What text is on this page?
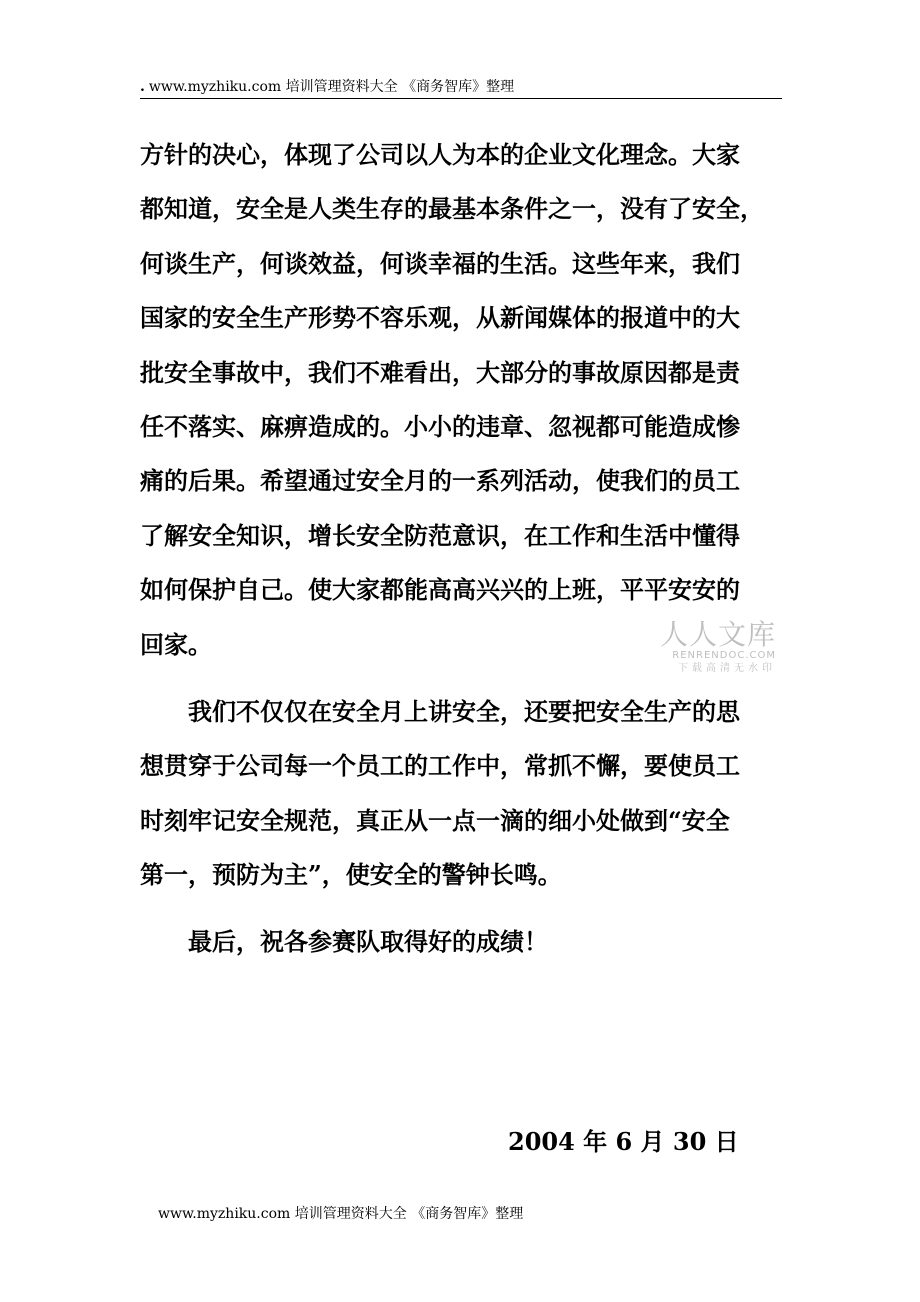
. www.myzhiku.com 培训管理资料大全 《商务智库》整理
方针的决心，体现了公司以人为本的企业文化理念。大家
都知道，安全是人类生存的最基本条件之一，没有了安全，
何谈生产，何谈效益，何谈幸福的生活。这些年来，我们
国家的安全生产形势不容乐观，从新闻媒体的报道中的大
批安全事故中，我们不难看出，大部分的事故原因都是责
任不落实、麻痹造成的。小小的违章、忽视都可能造成惨
痛的后果。希望通过安全月的一系列活动，使我们的员工
了解安全知识，增长安全防范意识，在工作和生活中懂得
如何保护自己。使大家都能高高兴兴的上班，平平安安的
回家。
我们不仅仅在安全月上讲安全，还要把安全生产的思
想贯穿于公司每一个员工的工作中，常抓不懈，要使员工
时刻牢记安全规范，真正从一点一滴的细小处做到“安全
第一，预防为主”，使安全的警钟长鸣。
最后，祝各参赛队取得好的成绩！
2004 年 6 月 30 日
人人文库
RENRENDOC.COM
下载高清无水印
www.myzhiku.com 培训管理资料大全 《商务智库》整理
